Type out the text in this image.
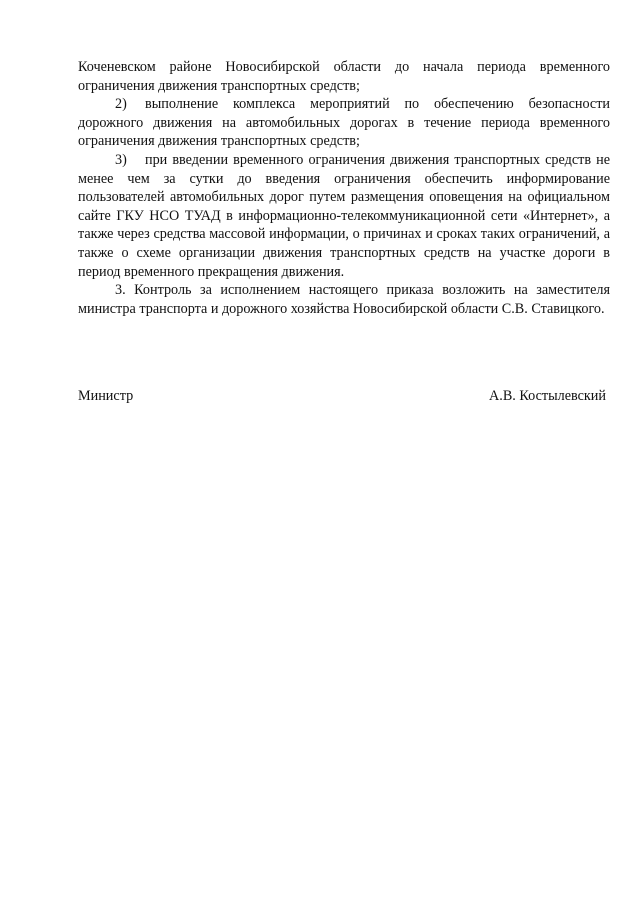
Коченевском районе Новосибирской области до начала периода временного ограничения движения транспортных средств;

2) выполнение комплекса мероприятий по обеспечению безопасности дорожного движения на автомобильных дорогах в течение периода временного ограничения движения транспортных средств;

3) при введении временного ограничения движения транспортных средств не менее чем за сутки до введения ограничения обеспечить информирование пользователей автомобильных дорог путем размещения оповещения на официальном сайте ГКУ НСО ТУАД в информационно-телекоммуникационной сети «Интернет», а также через средства массовой информации, о причинах и сроках таких ограничений, а также о схеме организации движения транспортных средств на участке дороги в период временного прекращения движения.

3. Контроль за исполнением настоящего приказа возложить на заместителя министра транспорта и дорожного хозяйства Новосибирской области С.В. Ставицкого.

Министр	А.В. Костылевский
